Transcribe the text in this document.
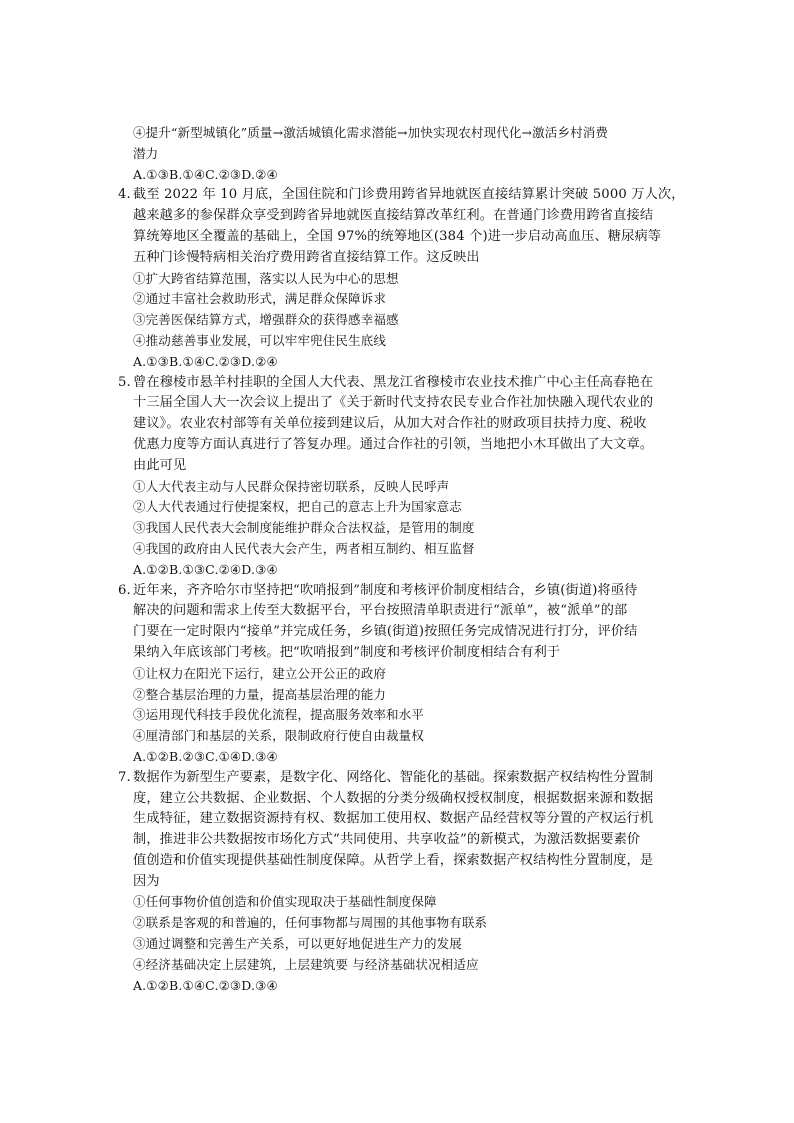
④提升“新型城镇化”质量→激活城镇化需求潜能→加快实现农村现代化→激活乡村消费
潜力
A.①③B.①④C.②③D.②④
4. 截至 2022 年 10 月底，全国住院和门诊费用跨省异地就医直接结算累计突破 5000 万人次，
越来越多的参保群众享受到跨省异地就医直接结算改革红利。在普通门诊费用跨省直接结
算统筹地区全覆盖的基础上，全国 97%的统筹地区(384 个)进一步启动高血压、糖尿病等
五种门诊慢特病相关治疗费用跨省直接结算工作。这反映出
①扩大跨省结算范围，落实以人民为中心的思想
②通过丰富社会救助形式，满足群众保障诉求
③完善医保结算方式，增强群众的获得感幸福感
④推动慈善事业发展，可以牢牢兜住民生底线
A.①③B.①④C.②③D.②④
5. 曾在穆棱市悬羊村挂职的全国人大代表、黑龙江省穆棱市农业技术推广中心主任高春艳在
十三届全国人大一次会议上提出了《关于新时代支持农民专业合作社加快融入现代农业的
建议》。农业农村部等有关单位接到建议后，从加大对合作社的财政项目扶持力度、税收
优惠力度等方面认真进行了答复办理。通过合作社的引领，当地把小木耳做出了大文章。
由此可见
①人大代表主动与人民群众保持密切联系，反映人民呼声
②人大代表通过行使提案权，把自己的意志上升为国家意志
③我国人民代表大会制度能维护群众合法权益，是管用的制度
④我国的政府由人民代表大会产生，两者相互制约、相互监督
A.①②B.①③C.②④D.③④
6. 近年来，齐齐哈尔市坚持把“吹哨报到”制度和考核评价制度相结合，乡镇(街道)将亟待
解决的问题和需求上传至大数据平台，平台按照清单职责进行“派单”，被“派单”的部
门要在一定时限内“接单”并完成任务，乡镇(街道)按照任务完成情况进行打分，评价结
果纳入年底该部门考核。把“吹哨报到”制度和考核评价制度相结合有利于
①让权力在阳光下运行，建立公开公正的政府
②整合基层治理的力量，提高基层治理的能力
③运用现代科技手段优化流程，提高服务效率和水平
④厘清部门和基层的关系，限制政府行使自由裁量权
A.①②B.②③C.①④D.③④
7. 数据作为新型生产要素，是数字化、网络化、智能化的基础。探索数据产权结构性分置制
度，建立公共数据、企业数据、个人数据的分类分级确权授权制度，根据数据来源和数据
生成特征，建立数据资源持有权、数据加工使用权、数据产品经营权等分置的产权运行机
制，推进非公共数据按市场化方式“共同使用、共享收益”的新模式，为激活数据要素价
值创造和价值实现提供基础性制度保障。从哲学上看，探索数据产权结构性分置制度，是
因为
①任何事物价值创造和价值实现取决于基础性制度保障
②联系是客观的和普遍的，任何事物都与周围的其他事物有联系
③通过调整和完善生产关系，可以更好地促进生产力的发展
④经济基础决定上层建筑，上层建筑要 与经济基础状况相适应
A.①②B.①④C.②③D.③④
